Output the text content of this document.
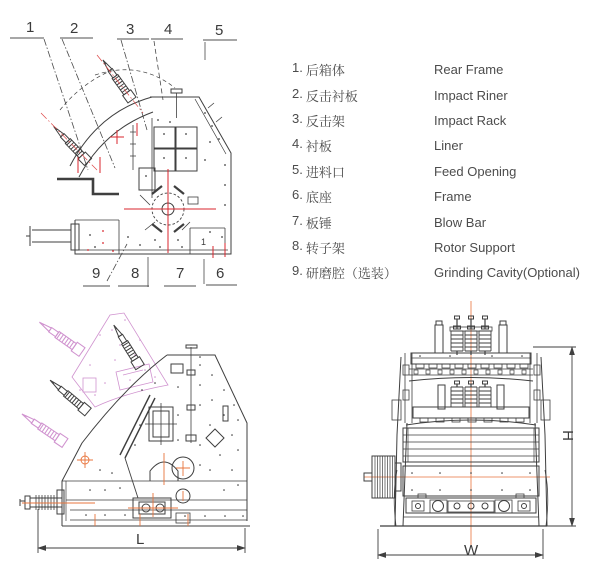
1 2	3 4	5
9 8 7 6
1
1. 后箱体	Rear Frame
2. 反击衬板	Impact Riner
3. 反击架	Impact Rack
4. 衬板	Liner
5. 进料口	Feed Opening
6. 底座	Frame
7. 板锤	Blow Bar
8. 转子架	Rotor Support
9. 研磨腔（选装）	Grinding Cavity(Optional)
L
W
H
